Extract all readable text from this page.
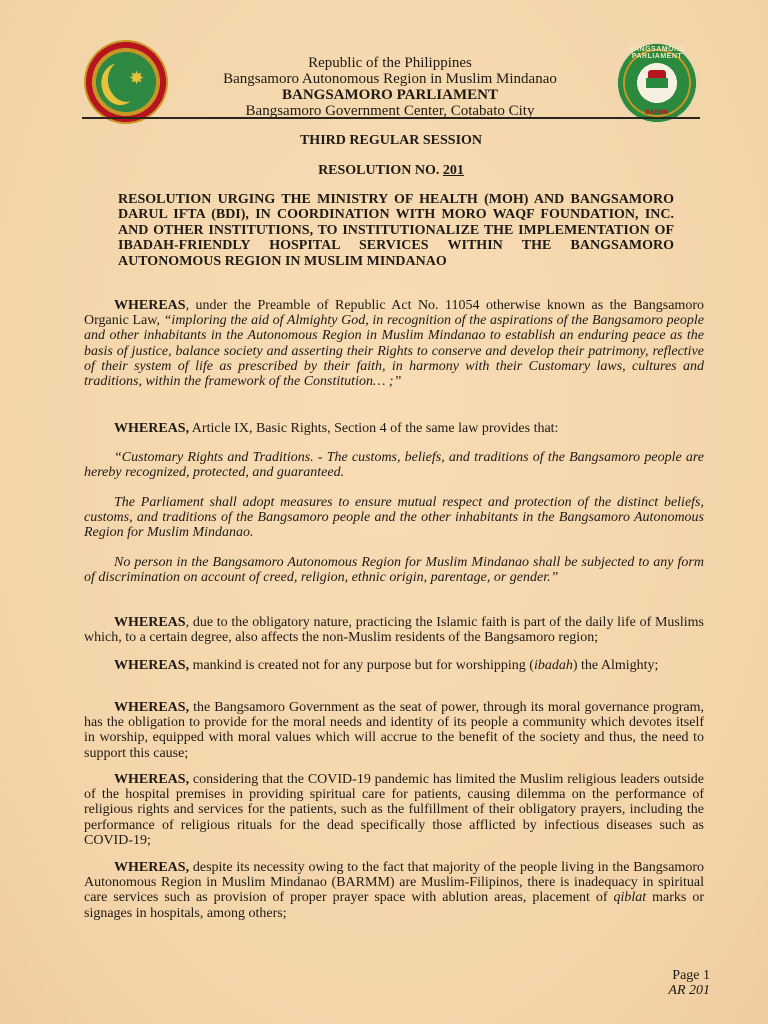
✸
Republic of the Philippines
Bangsamoro Autonomous Region in Muslim Mindanao
BANGSAMORO PARLIAMENT
Bangsamoro Government Center, Cotabato City
BANGSAMORO PARLIAMENT
BARMM
THIRD REGULAR SESSION
RESOLUTION NO. 201
RESOLUTION URGING THE MINISTRY OF HEALTH (MOH) AND BANGSAMORO DARUL IFTA (BDI), IN COORDINATION WITH MORO WAQF FOUNDATION, INC. AND OTHER INSTITUTIONS, TO INSTITUTIONALIZE THE IMPLEMENTATION OF IBADAH-FRIENDLY HOSPITAL SERVICES WITHIN THE BANGSAMORO AUTONOMOUS REGION IN MUSLIM MINDANAO
WHEREAS, under the Preamble of Republic Act No. 11054 otherwise known as the Bangsamoro Organic Law, “imploring the aid of Almighty God, in recognition of the aspirations of the Bangsamoro people and other inhabitants in the Autonomous Region in Muslim Mindanao to establish an enduring peace as the basis of justice, balance society and asserting their Rights to conserve and develop their patrimony, reflective of their system of life as prescribed by their faith, in harmony with their Customary laws, cultures and traditions, within the framework of the Constitution… ;”
WHEREAS, Article IX, Basic Rights, Section 4 of the same law provides that:
“Customary Rights and Traditions. - The customs, beliefs, and traditions of the Bangsamoro people are hereby recognized, protected, and guaranteed.
The Parliament shall adopt measures to ensure mutual respect and protection of the distinct beliefs, customs, and traditions of the Bangsamoro people and the other inhabitants in the Bangsamoro Autonomous Region for Muslim Mindanao.
No person in the Bangsamoro Autonomous Region for Muslim Mindanao shall be subjected to any form of discrimination on account of creed, religion, ethnic origin, parentage, or gender.”
WHEREAS, due to the obligatory nature, practicing the Islamic faith is part of the daily life of Muslims which, to a certain degree, also affects the non-Muslim residents of the Bangsamoro region;
WHEREAS, mankind is created not for any purpose but for worshipping (ibadah) the Almighty;
WHEREAS, the Bangsamoro Government as the seat of power, through its moral governance program, has the obligation to provide for the moral needs and identity of its people a community which devotes itself in worship, equipped with moral values which will accrue to the benefit of the society and thus, the need to support this cause;
WHEREAS, considering that the COVID-19 pandemic has limited the Muslim religious leaders outside of the hospital premises in providing spiritual care for patients, causing dilemma on the performance of religious rights and services for the patients, such as the fulfillment of their obligatory prayers, including the performance of religious rituals for the dead specifically those afflicted by infectious diseases such as COVID-19;
WHEREAS, despite its necessity owing to the fact that majority of the people living in the Bangsamoro Autonomous Region in Muslim Mindanao (BARMM) are Muslim-Filipinos, there is inadequacy in spiritual care services such as provision of proper prayer space with ablution areas, placement of qiblat marks or signages in hospitals, among others;
Page 1
AR 201
